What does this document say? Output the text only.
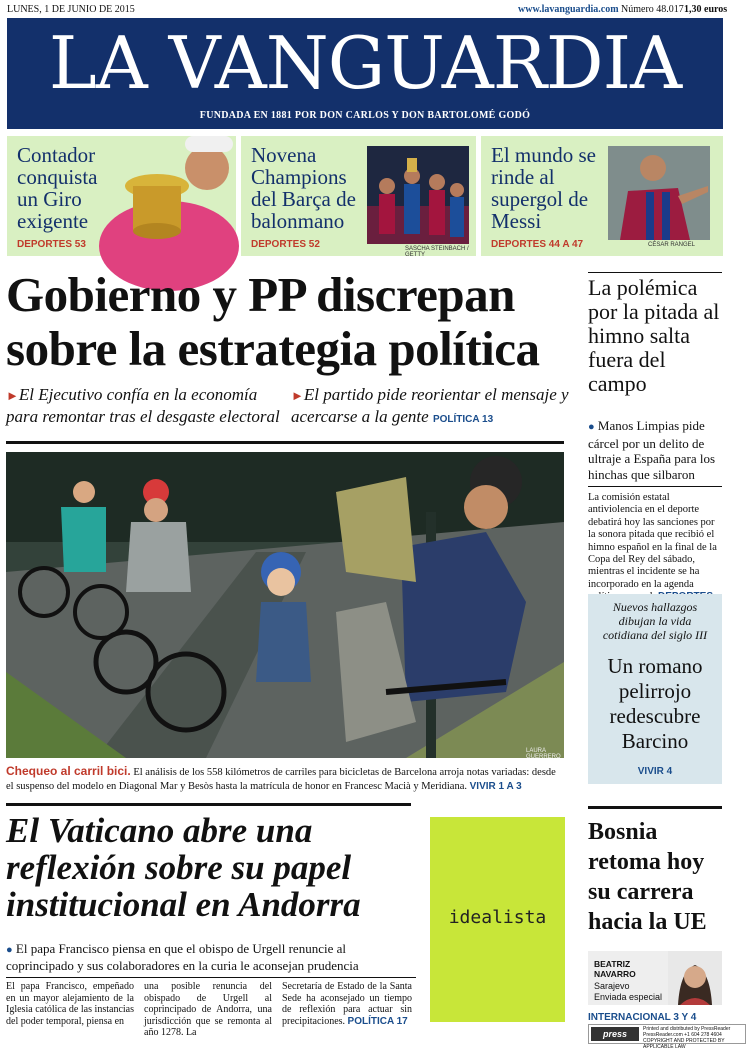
LUNES, 1 DE JUNIO DE 2015	www.lavanguardia.com Número 48.017 1,30 euros
LA VANGUARDIA
FUNDADA EN 1881 POR DON CARLOS Y DON BARTOLOMÉ GODÓ
Contador conquista un Giro exigente
DEPORTES 53
Novena Champions del Barça de balonmano
DEPORTES 52	SASCHA STEINBACH / GETTY
El mundo se rinde al supergol de Messi
DEPORTES 44 A 47	CÉSAR RANGEL
Gobierno y PP discrepan sobre la estrategia política
►El Ejecutivo confía en la economía para remontar tras el desgaste electoral
►El partido pide reorientar el mensaje y acercarse a la gente POLÍTICA 13
La polémica por la pitada al himno salta fuera del campo
● Manos Limpias pide cárcel por un delito de ultraje a España para los hinchas que silbaron
La comisión estatal antiviolencia en el deporte debatirá hoy las sanciones por la sonora pitada que recibió el himno español en la final de la Copa del Rey del sábado, mientras el incidente se ha incorporado en la agenda
LAURA GUERRERO
Chequeo al carril bici. El análisis de los 558 kilómetros de carriles para bicicletas de Barcelona arroja notas variadas: desde el suspenso del modelo en Diagonal Mar y Besòs hasta la matrícula de honor en Francesc Macià y Meridiana. VIVIR 1 A 3
Nuevos hallazgos dibujan la vida cotidiana del siglo III
Un romano pelirrojo redescubre Barcino
VIVIR 4
El Vaticano abre una reflexión sobre su papel institucional en Andorra
● El papa Francisco piensa en que el obispo de Urgell renuncie al coprincipado y sus colaboradores en la curia le aconsejan prudencia
El papa Francisco, empeñado en un mayor alejamiento de la Iglesia católica de las instancias del poder temporal, piensa en
una posible renuncia del obispado de Urgell al coprincipado de Andorra, una jurisdicción que se remonta al año 1278. La
Secretaría de Estado de la Santa Sede ha aconsejado un tiempo de reflexión para actuar sin precipitaciones. POLÍTICA 17
idealista
Bosnia retoma hoy su carrera hacia la UE
BEATRIZ NAVARRO
Sarajevo
Enviada especial
INTERNACIONAL 3 Y 4
press reader
Printed and distributed by PressReader
PressReader.com +1 604 278 4604
COPYRIGHT AND PROTECTED BY APPLICABLE LAW
